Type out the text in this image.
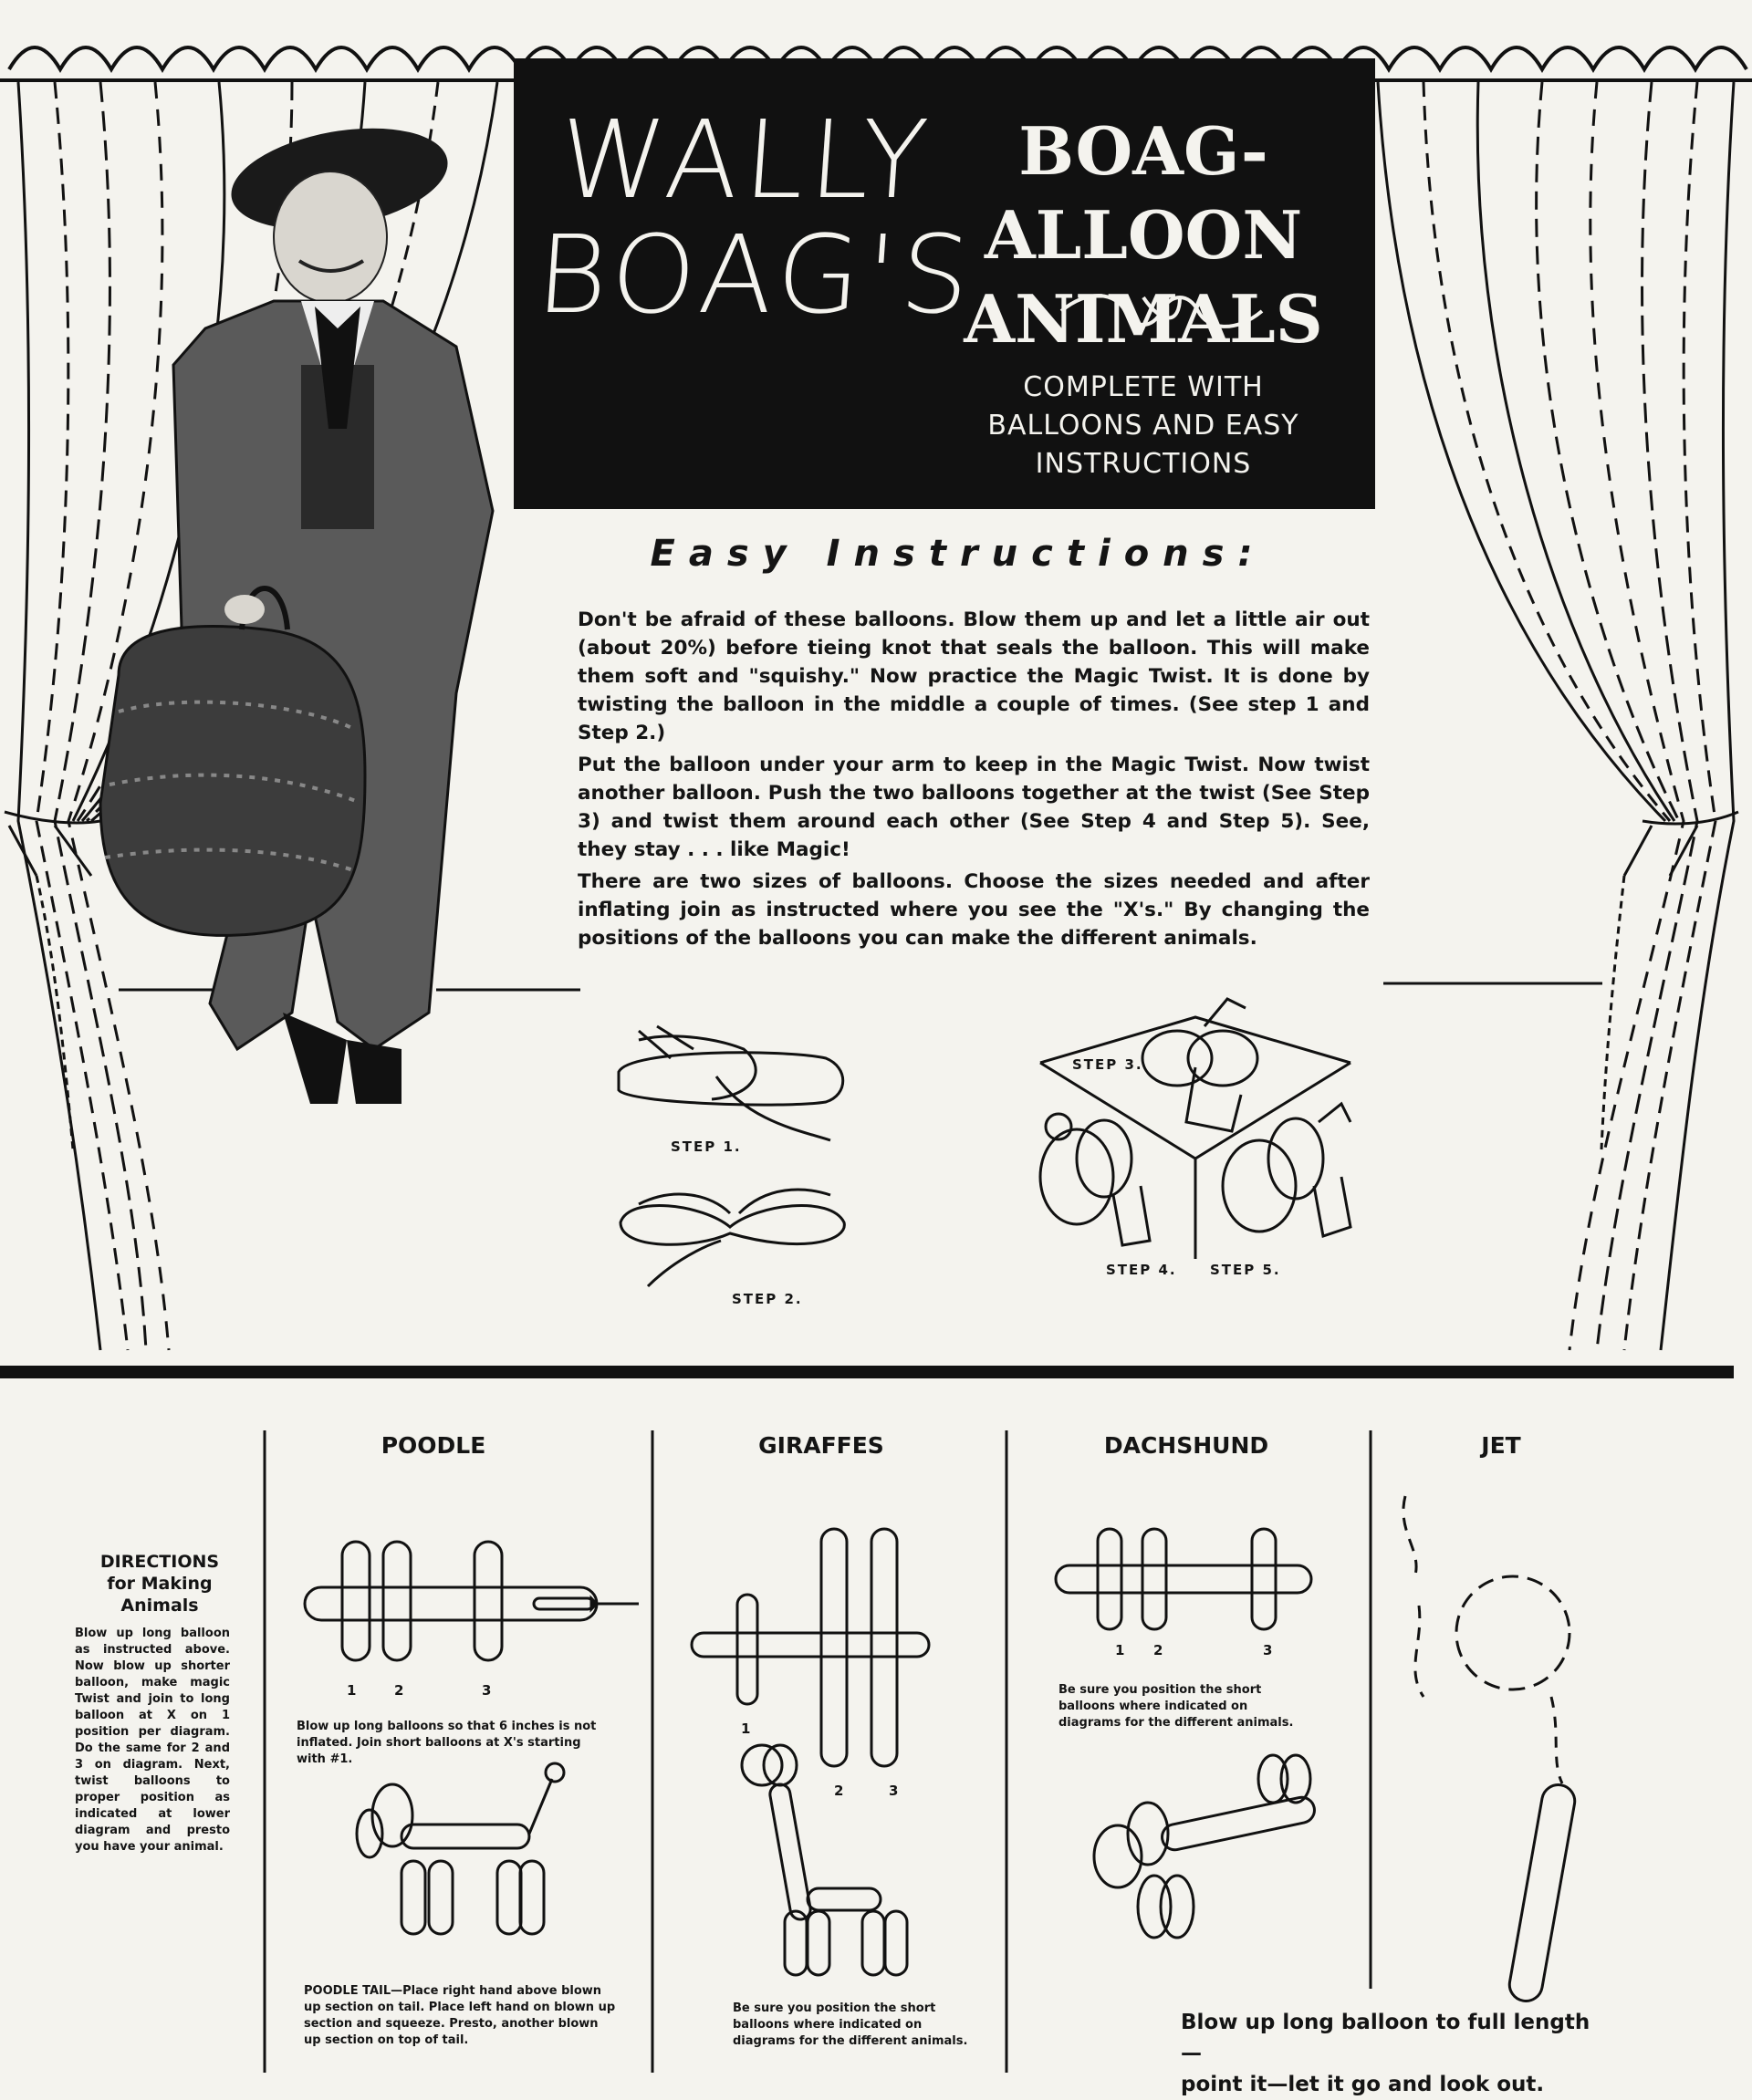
WALLY
BOAG'S
BOAG-ALLOON
ANIMALS
COMPLETE WITH
BALLOONS AND EASY
INSTRUCTIONS
Easy Instructions:

Don't be afraid of these balloons. Blow them up and let a little air out (about 20%) before tieing knot that seals the balloon. This will make them soft and "squishy." Now practice the Magic Twist. It is done by twisting the balloon in the middle a couple of times. (See step 1 and Step 2.)

Put the balloon under your arm to keep in the Magic Twist. Now twist another balloon. Push the two balloons together at the twist (See Step 3) and twist them around each other (See Step 4 and Step 5). See, they stay . . . like Magic!

There are two sizes of balloons. Choose the sizes needed and after inflating join as instructed where you see the "X's." By changing the positions of the balloons you can make the different animals.

STEP 1.
STEP 2.
STEP 3.
STEP 4. STEP 5.
DIRECTIONS
for Making
Animals
Blow up long balloon as instructed above. Now blow up shorter balloon, make magic Twist and join to long balloon at X on 1 position per diagram. Do the same for 2 and 3 on diagram. Next, twist balloons to proper position as indicated at lower diagram and presto you have your animal.
POODLE
1	2	3
Blow up long balloons so that 6 inches is not inflated. Join short balloons at X's starting with #1.
POODLE TAIL—Place right hand above blown up section on tail. Place left hand on blown up section and squeeze. Presto, another blown up section on top of tail.
GIRAFFES
1
2	3
Be sure you position the short balloons where indicated on diagrams for the different animals.
DACHSHUND
1 2	3
Be sure you position the short balloons where indicated on diagrams for the different animals.
JET
Blow up long balloon to full length—
point it—let it go and look out.
